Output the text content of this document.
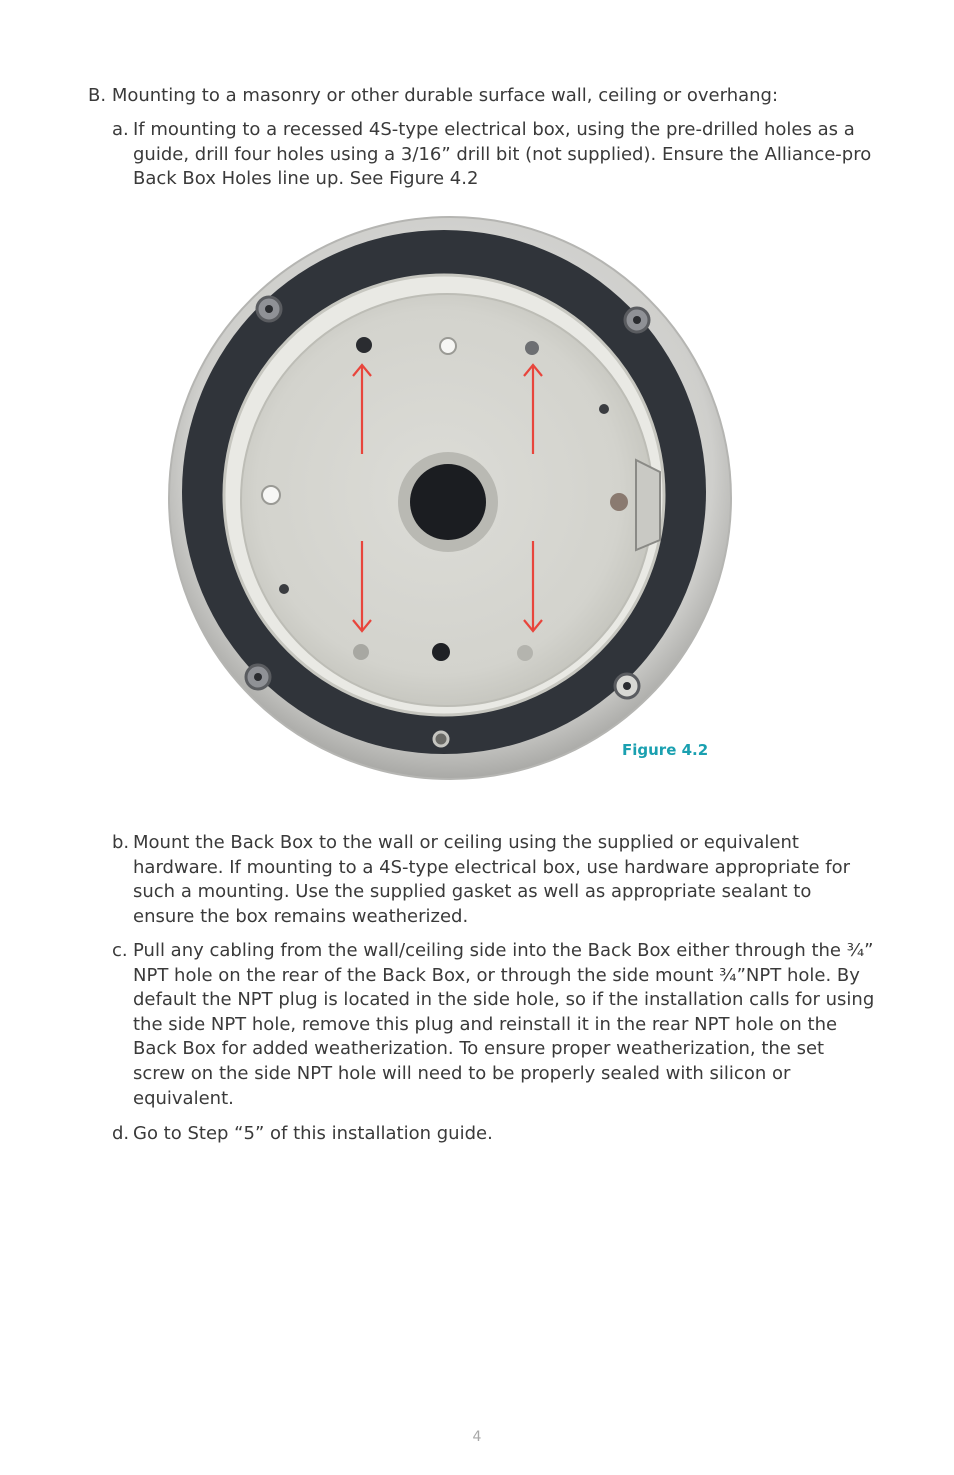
B. Mounting to a masonry or other durable surface wall, ceiling or overhang:

a. If mounting to a recessed 4S-type electrical box, using the pre-drilled holes as a guide, drill four holes using a 3/16” drill bit (not supplied). Ensure the Alliance-pro Back Box Holes line up. See Figure 4.2

Figure 4.2

b. Mount the Back Box to the wall or ceiling using the supplied or equivalent hardware. If mounting to a 4S-type electrical box, use hardware appropriate for such a mounting. Use the supplied gasket as well as appropriate sealant to ensure the box remains weatherized.

c. Pull any cabling from the wall/ceiling side into the Back Box either through the ¾” NPT hole on the rear of the Back Box, or through the side mount ¾”NPT hole. By default the NPT plug is located in the side hole, so if the installation calls for using the side NPT hole, remove this plug and reinstall it in the rear NPT hole on the Back Box for added weatherization. To ensure proper weatherization, the set screw on the side NPT hole will need to be properly sealed with silicon or equivalent.

d. Go to Step “5” of this installation guide.

4
